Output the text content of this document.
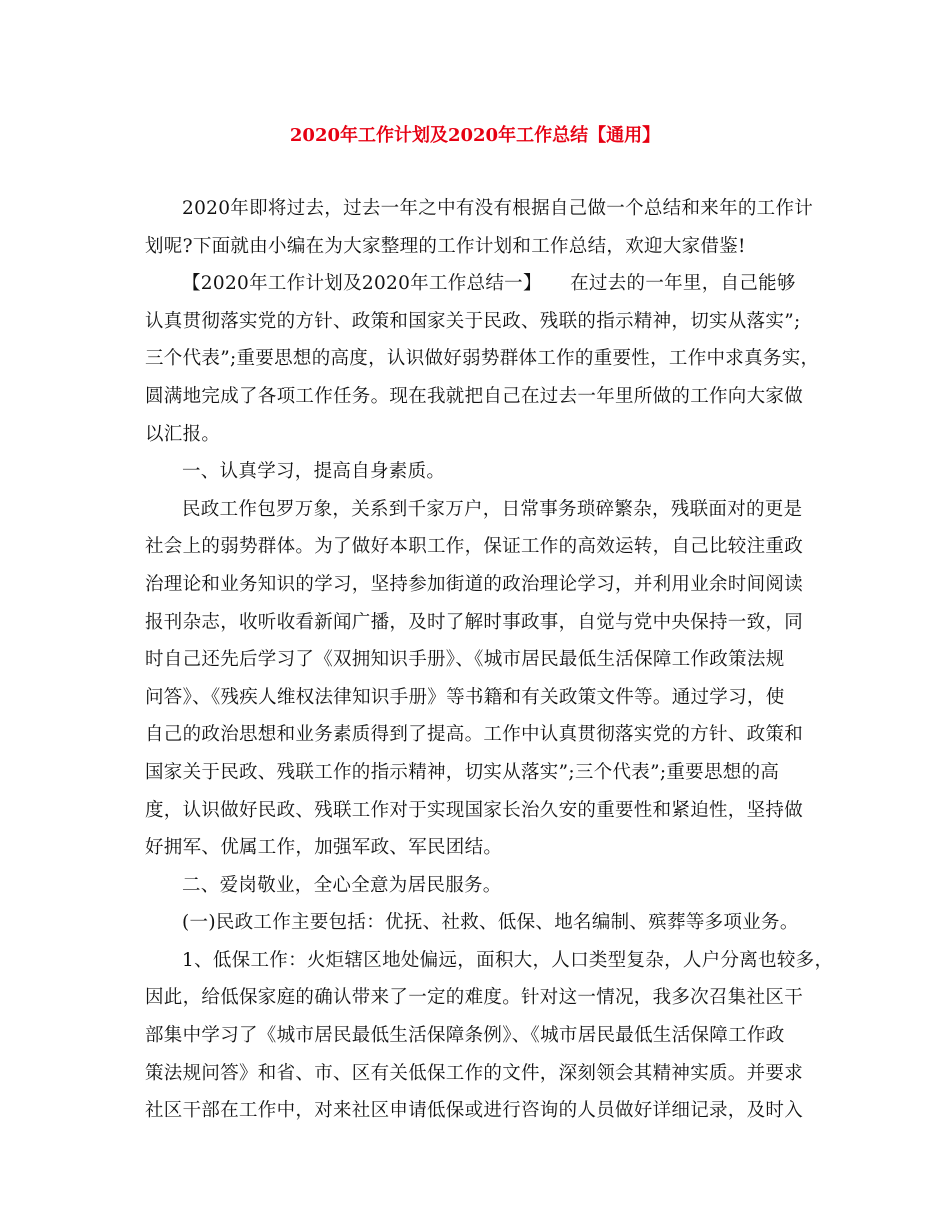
2020年工作计划及2020年工作总结【通用】
2020年即将过去，过去一年之中有没有根据自己做一个总结和来年的工作计
划呢?下面就由小编在为大家整理的工作计划和工作总结，欢迎大家借鉴!
【2020年工作计划及2020年工作总结一】　　在过去的一年里，自己能够
认真贯彻落实党的方针、政策和国家关于民政、残联的指示精神，切实从落实”;
三个代表”;重要思想的高度，认识做好弱势群体工作的重要性，工作中求真务实，
圆满地完成了各项工作任务。现在我就把自己在过去一年里所做的工作向大家做
以汇报。
一、认真学习，提高自身素质。
民政工作包罗万象，关系到千家万户，日常事务琐碎繁杂，残联面对的更是
社会上的弱势群体。为了做好本职工作，保证工作的高效运转，自己比较注重政
治理论和业务知识的学习，坚持参加街道的政治理论学习，并利用业余时间阅读
报刊杂志，收听收看新闻广播，及时了解时事政事，自觉与党中央保持一致，同
时自己还先后学习了《双拥知识手册》、《城市居民最低生活保障工作政策法规
问答》、《残疾人维权法律知识手册》等书籍和有关政策文件等。通过学习，使
自己的政治思想和业务素质得到了提高。工作中认真贯彻落实党的方针、政策和
国家关于民政、残联工作的指示精神，切实从落实”;三个代表”;重要思想的高
度，认识做好民政、残联工作对于实现国家长治久安的重要性和紧迫性，坚持做
好拥军、优属工作，加强军政、军民团结。
二、爱岗敬业，全心全意为居民服务。
(一)民政工作主要包括：优抚、社救、低保、地名编制、殡葬等多项业务。
1、低保工作：火炬辖区地处偏远，面积大，人口类型复杂，人户分离也较多，
因此，给低保家庭的确认带来了一定的难度。针对这一情况，我多次召集社区干
部集中学习了《城市居民最低生活保障条例》、《城市居民最低生活保障工作政
策法规问答》和省、市、区有关低保工作的文件，深刻领会其精神实质。并要求
社区干部在工作中，对来社区申请低保或进行咨询的人员做好详细记录，及时入
